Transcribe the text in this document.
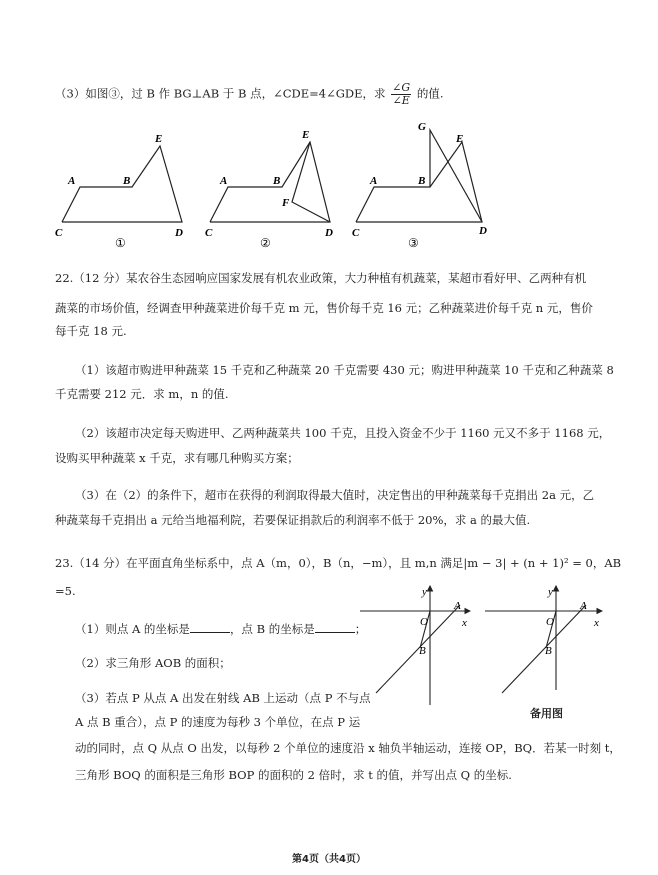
（3）如图③，过 B 作 BG⊥AB 于 B 点，∠CDE=4∠GDE，求 $\frac{\angle G}{\angle E}$ 的值.
A	B
E
C	D
①
A	B
E
F
C	D
②
A	B
G
E
C	D
③
22.（12 分）某农谷生态园响应国家发展有机农业政策，大力种植有机蔬菜，某超市看好甲、乙两种有机
蔬菜的市场价值，经调查甲种蔬菜进价每千克 m 元，售价每千克 16 元；乙种蔬菜进价每千克 n 元，售价
每千克 18 元.
（1）该超市购进甲种蔬菜 15 千克和乙种蔬菜 20 千克需要 430 元；购进甲种蔬菜 10 千克和乙种蔬菜 8
千克需要 212 元．求 m，n 的值.
（2）该超市决定每天购进甲、乙两种蔬菜共 100 千克，且投入资金不少于 1160 元又不多于 1168 元，
设购买甲种蔬菜 x 千克，求有哪几种购买方案；
（3）在（2）的条件下，超市在获得的利润取得最大值时，决定售出的甲种蔬菜每千克捐出 2a 元，乙
种蔬菜每千克捐出 a 元给当地福利院，若要保证捐款后的利润率不低于 20%，求 a 的最大值.
23.（14 分）在平面直角坐标系中，点 A（m，0），B（n，−m），且 m,n 满足|m − 3| + (n + 1)² = 0，AB
=5.
（1）则点 A 的坐标是	，点 B 的坐标是	；
（2）求三角形 AOB 的面积；
（3）若点 P 从点 A 出发在射线 AB 上运动（点 P 不与点
A 点 B 重合），点 P 的速度为每秒 3 个单位，在点 P 运
动的同时，点 Q 从点 O 出发，以每秒 2 个单位的速度沿 x 轴负半轴运动，连接 OP，BQ．若某一时刻 t，
三角形 BOQ 的面积是三角形 BOP 的面积的 2 倍时，求 t 的值，并写出点 Q 的坐标.
y
x
A
O
B
y
x
A
O
B
备用图
第4页（共4页）
